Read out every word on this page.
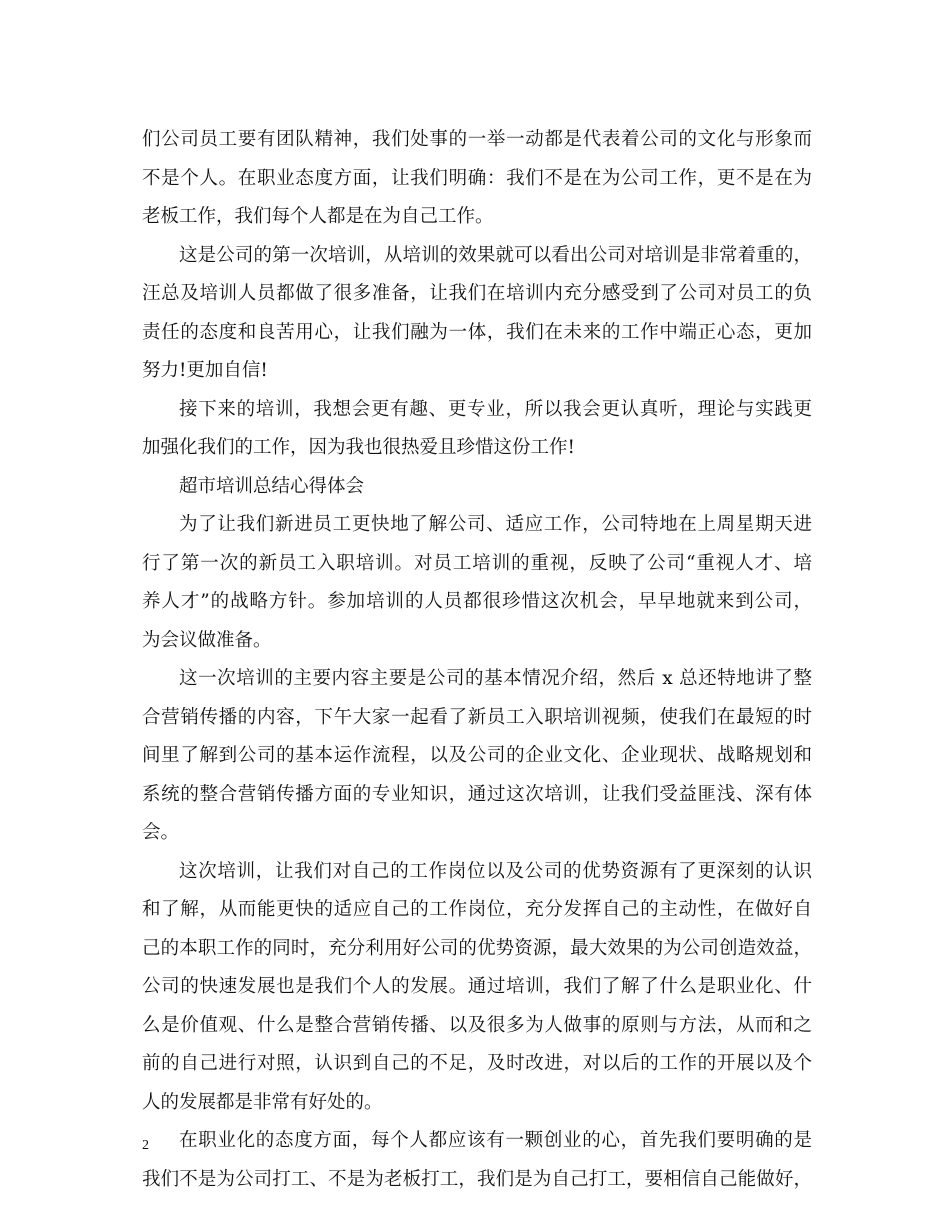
们公司员工要有团队精神，我们处事的一举一动都是代表着公司的文化与形象而
不是个人。在职业态度方面，让我们明确：我们不是在为公司工作，更不是在为
老板工作，我们每个人都是在为自己工作。
这是公司的第一次培训，从培训的效果就可以看出公司对培训是非常着重的，
汪总及培训人员都做了很多准备，让我们在培训内充分感受到了公司对员工的负
责任的态度和良苦用心，让我们融为一体，我们在未来的工作中端正心态，更加
努力!更加自信!
接下来的培训，我想会更有趣、更专业，所以我会更认真听，理论与实践更
加强化我们的工作，因为我也很热爱且珍惜这份工作!
超市培训总结心得体会
为了让我们新进员工更快地了解公司、适应工作，公司特地在上周星期天进
行了第一次的新员工入职培训。对员工培训的重视，反映了公司“重视人才、培
养人才”的战略方针。参加培训的人员都很珍惜这次机会，早早地就来到公司，
为会议做准备。
这一次培训的主要内容主要是公司的基本情况介绍，然后 x 总还特地讲了整
合营销传播的内容，下午大家一起看了新员工入职培训视频，使我们在最短的时
间里了解到公司的基本运作流程，以及公司的企业文化、企业现状、战略规划和
系统的整合营销传播方面的专业知识，通过这次培训，让我们受益匪浅、深有体
会。
这次培训，让我们对自己的工作岗位以及公司的优势资源有了更深刻的认识
和了解，从而能更快的适应自己的工作岗位，充分发挥自己的主动性，在做好自
己的本职工作的同时，充分利用好公司的优势资源，最大效果的为公司创造效益，
公司的快速发展也是我们个人的发展。通过培训，我们了解了什么是职业化、什
么是价值观、什么是整合营销传播、以及很多为人做事的原则与方法，从而和之
前的自己进行对照，认识到自己的不足，及时改进，对以后的工作的开展以及个
人的发展都是非常有好处的。
在职业化的态度方面，每个人都应该有一颗创业的心，首先我们要明确的是
我们不是为公司打工、不是为老板打工，我们是为自己打工，要相信自己能做好，
2
